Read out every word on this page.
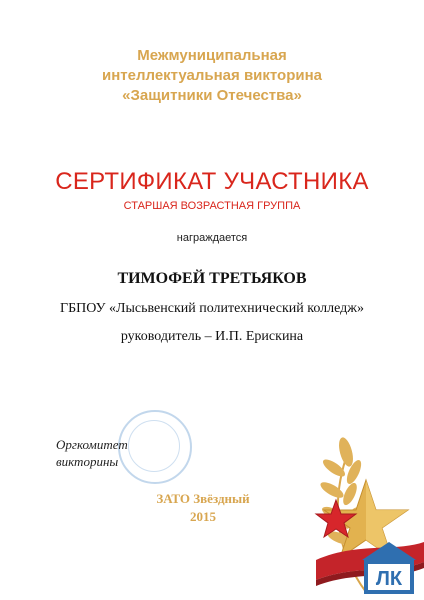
Межмуниципальная
интеллектуальная викторина
«Защитники Отечества»
СЕРТИФИКАТ УЧАСТНИКА
СТАРШАЯ ВОЗРАСТНАЯ ГРУППА
награждается
ТИМОФЕЙ ТРЕТЬЯКОВ
ГБПОУ «Лысьвенский политехнический колледж»
руководитель – И.П. Ерискина
Оргкомитет
викторины
ЗАТО Звёздный
2015
ЛК
